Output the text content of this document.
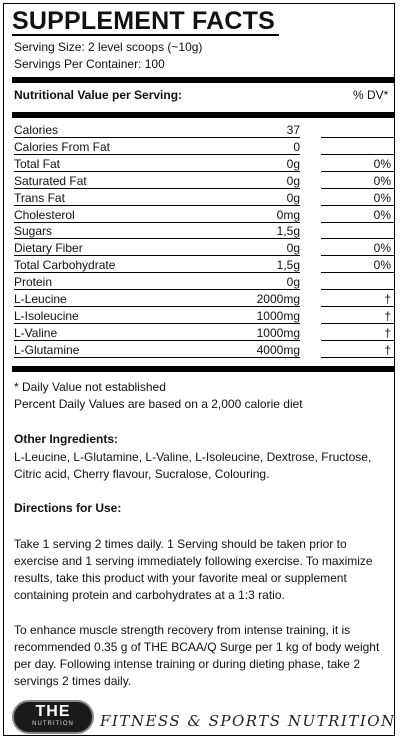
SUPPLEMENT FACTS
Serving Size: 2 level scoops (~10g)
Servings Per Container: 100
Nutritional Value per Serving:	% DV*
Calories	37
Calories From Fat	0
Total Fat	0g	0%
Saturated Fat	0g	0%
Trans Fat	0g	0%
Cholesterol	0mg	0%
Sugars	1,5g
Dietary Fiber	0g	0%
Total Carbohydrate	1,5g	0%
Protein	0g
L-Leucine	2000mg	†
L-Isoleucine	1000mg	†
L-Valine	1000mg	†
L-Glutamine	4000mg	†

* Daily Value not established

Percent Daily Values are based on a 2,000 calorie diet

Other Ingredients:

L-Leucine, L-Glutamine, L-Valine, L-Isoleucine, Dextrose, Fructose, Citric acid, Cherry flavour, Sucralose, Colouring.

Directions for Use:

Take 1 serving 2 times daily. 1 Serving should be taken prior to exercise and 1 serving immediately following exercise. To maximize results, take this product with your favorite meal or supplement containing protein and carbohydrates at a 1:3 ratio.

To enhance muscle strength recovery from intense training, it is recommended 0.35 g of THE BCAA/Q Surge per 1 kg of body weight per day. Following intense training or during dieting phase, take 2 servings 2 times daily.

THE
NUTRITION	FITNESS & SPORTS NUTRITION
